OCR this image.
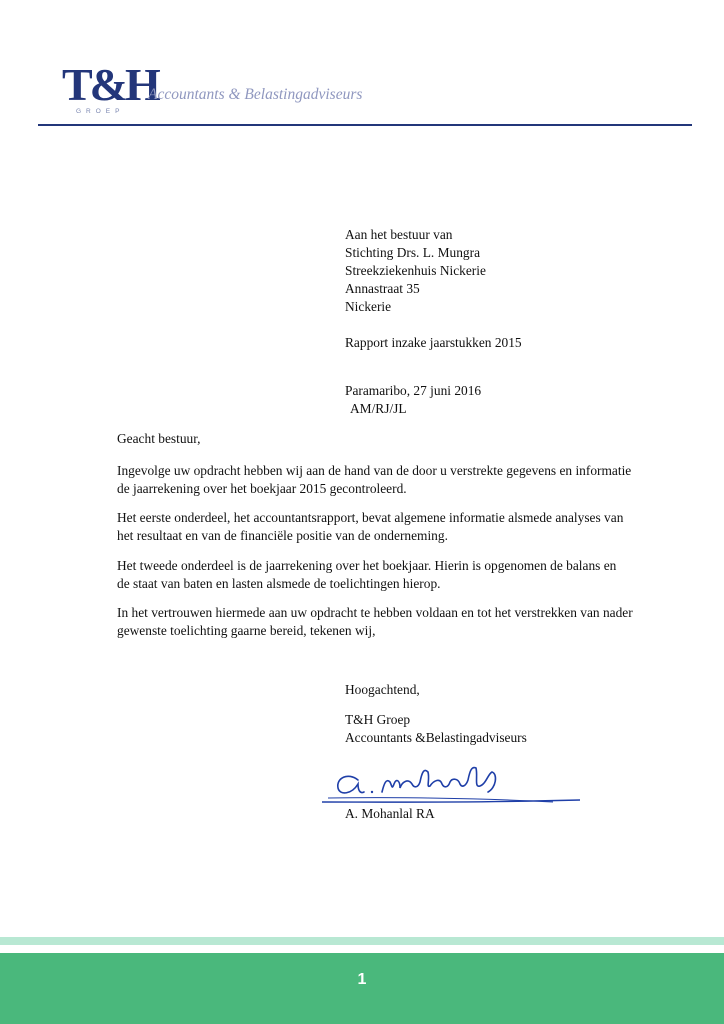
T&H
GROEP
Accountants & Belastingadviseurs
Aan het bestuur van
Stichting Drs. L. Mungra
Streekziekenhuis Nickerie
Annastraat 35
Nickerie
Rapport inzake jaarstukken 2015
Paramaribo, 27 juni 2016
AM/RJ/JL
Geacht bestuur,
Ingevolge uw opdracht hebben wij aan de hand van de door u verstrekte gegevens en informatie
de jaarrekening over het boekjaar 2015 gecontroleerd.
Het eerste onderdeel, het accountantsrapport, bevat algemene informatie alsmede analyses van
het resultaat en van de financiële positie van de onderneming.
Het tweede onderdeel is de jaarrekening over het boekjaar. Hierin is opgenomen de balans en
de staat van baten en lasten alsmede de toelichtingen hierop.
In het vertrouwen hiermede aan uw opdracht te hebben voldaan en tot het verstrekken van nader
gewenste toelichting gaarne bereid, tekenen wij,
Hoogachtend,
T&H Groep
Accountants &Belastingadviseurs
a. mohanlal
A. Mohanlal RA
1
